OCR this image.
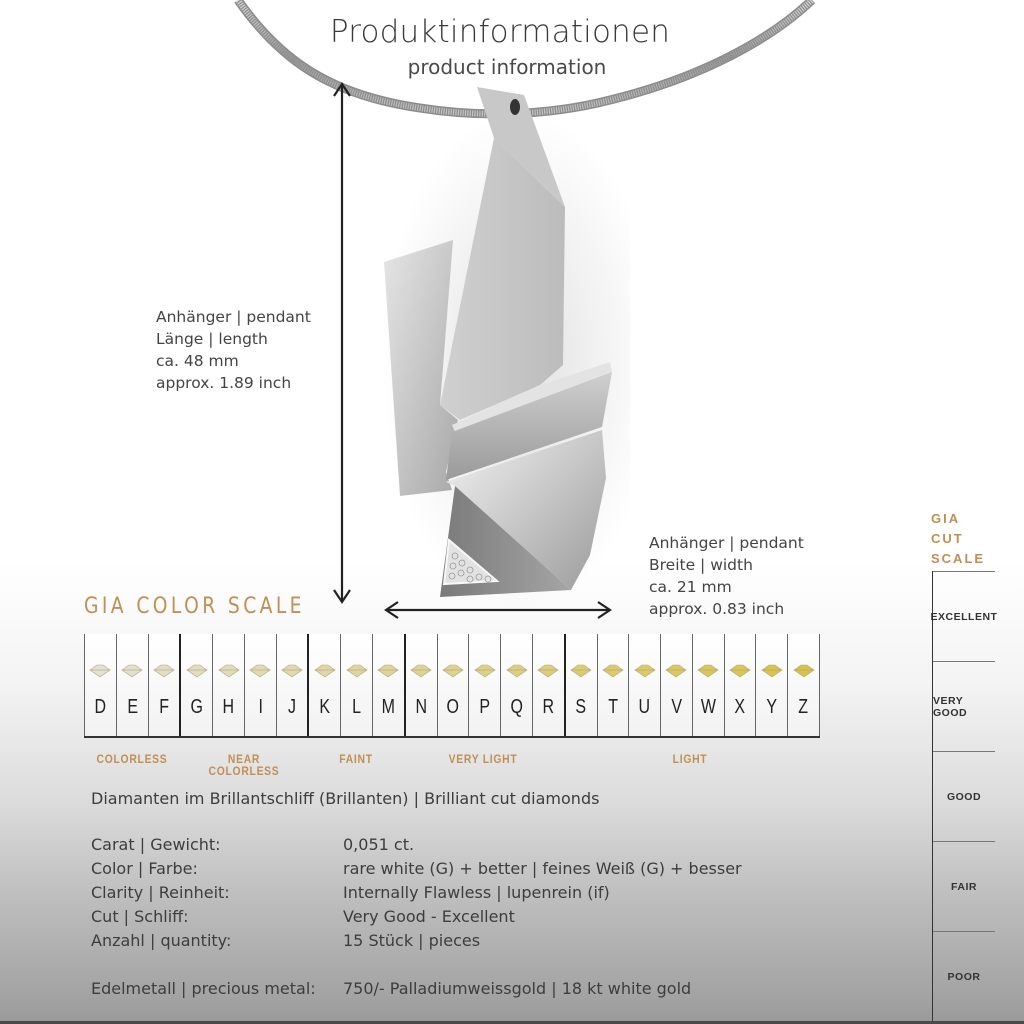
Produktinformationen
product information
Anhänger | pendant
Länge | length
ca. 48 mm
approx. 1.89 inch
Anhänger | pendant
Breite | width
ca. 21 mm
approx. 0.83 inch
GIA COLOR SCALE
D E F G H I J K L M N O P Q R S T U V W X Y Z
COLORLESS	NEAR COLORLESS
FAINT	VERY LIGHT	LIGHT
GIA
CUT
SCALE
EXCELLENT
VERY GOOD
GOOD
FAIR
POOR
Diamanten im Brillantschliff (Brillanten) | Brilliant cut diamonds
Carat | Gewicht:	0,051 ct.
Color | Farbe:	rare white (G) + better | feines Weiß (G) + besser
Clarity | Reinheit:	Internally Flawless | lupenrein (if)
Cut | Schliff:	Very Good - Excellent
Anzahl | quantity:	15 Stück | pieces
Edelmetall | precious metal: 750/- Palladiumweissgold | 18 kt white gold
